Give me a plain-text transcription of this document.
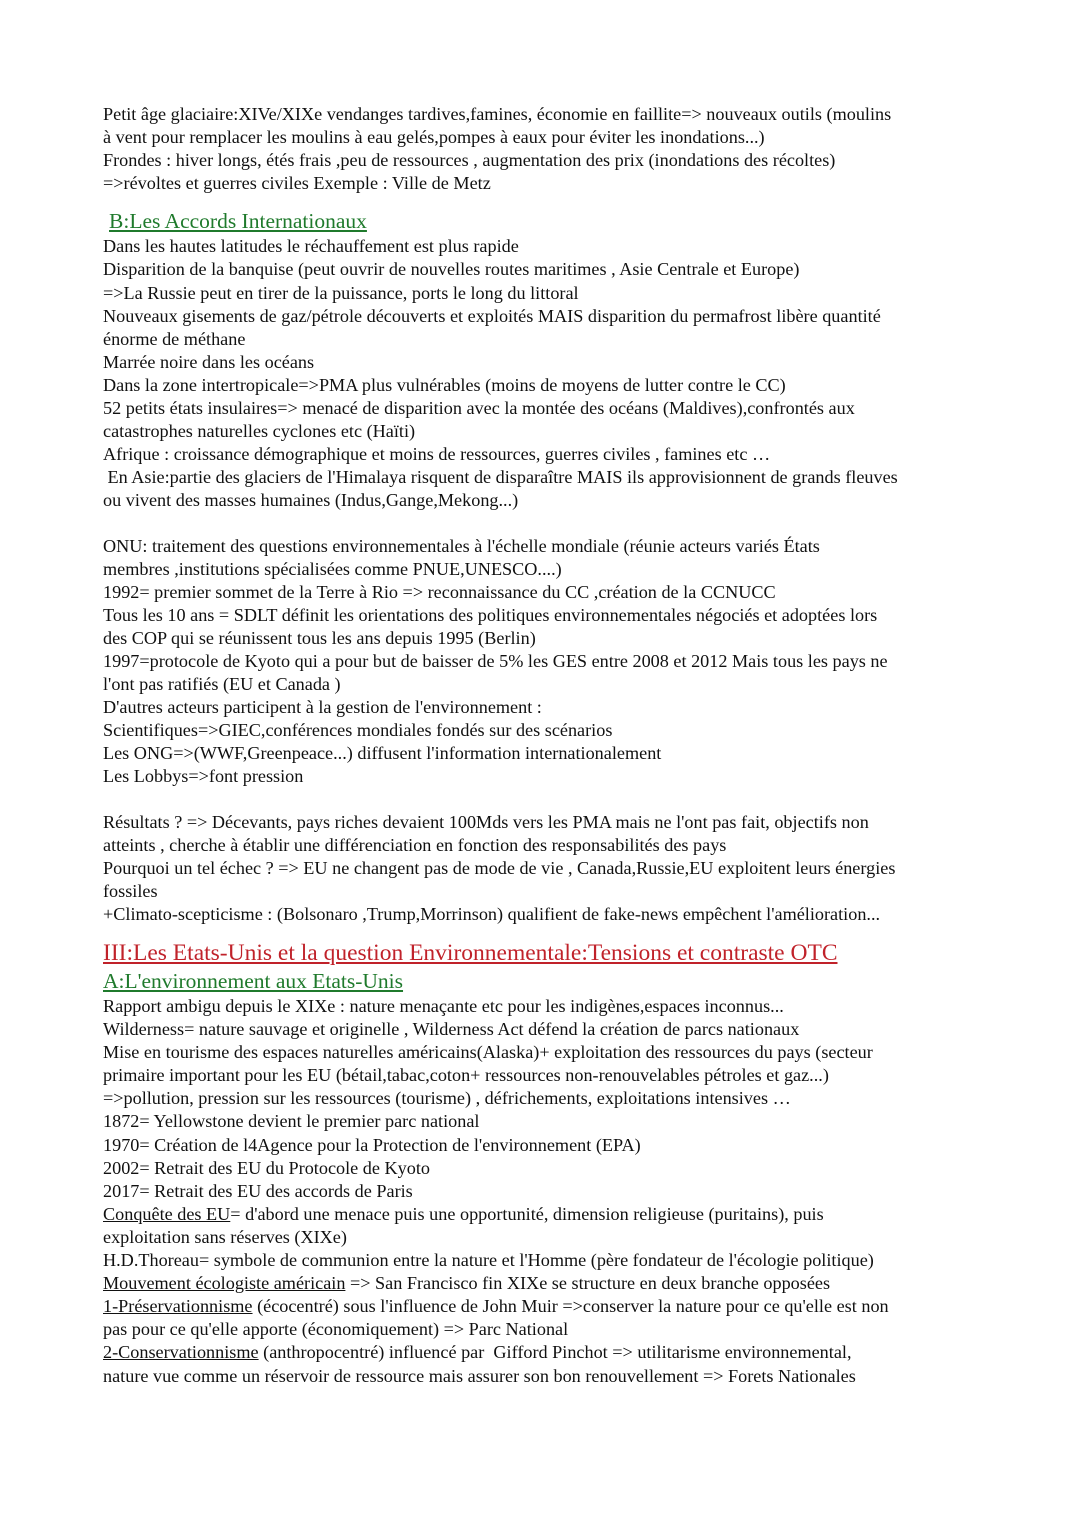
Petit âge glaciaire:XIVe/XIXe vendanges tardives,famines, économie en faillite=> nouveaux outils (moulins
à vent pour remplacer les moulins à eau gelés,pompes à eaux pour éviter les inondations...)
Frondes : hiver longs, étés frais ,peu de ressources , augmentation des prix (inondations des récoltes)
=>révoltes et guerres civiles Exemple : Ville de Metz
B:Les Accords Internationaux
Dans les hautes latitudes le réchauffement est plus rapide
Disparition de la banquise (peut ouvrir de nouvelles routes maritimes , Asie Centrale et Europe)
=>La Russie peut en tirer de la puissance, ports le long du littoral
Nouveaux gisements de gaz/pétrole découverts et exploités MAIS disparition du permafrost libère quantité
énorme de méthane
Marrée noire dans les océans
Dans la zone intertropicale=>PMA plus vulnérables (moins de moyens de lutter contre le CC)
52 petits états insulaires=> menacé de disparition avec la montée des océans (Maldives),confrontés aux
catastrophes naturelles cyclones etc (Haïti)
Afrique : croissance démographique et moins de ressources, guerres civiles , famines etc …
En Asie:partie des glaciers de l'Himalaya risquent de disparaître MAIS ils approvisionnent de grands fleuves
ou vivent des masses humaines (Indus,Gange,Mekong...)
ONU: traitement des questions environnementales à l'échelle mondiale (réunie acteurs variés États
membres ,institutions spécialisées comme PNUE,UNESCO....)
1992= premier sommet de la Terre à Rio => reconnaissance du CC ,création de la CCNUCC
Tous les 10 ans = SDLT définit les orientations des politiques environnementales négociés et adoptées lors
des COP qui se réunissent tous les ans depuis 1995 (Berlin)
1997=protocole de Kyoto qui a pour but de baisser de 5% les GES entre 2008 et 2012 Mais tous les pays ne
l'ont pas ratifiés (EU et Canada )
D'autres acteurs participent à la gestion de l'environnement :
Scientifiques=>GIEC,conférences mondiales fondés sur des scénarios
Les ONG=>(WWF,Greenpeace...) diffusent l'information internationalement
Les Lobbys=>font pression
Résultats ? => Décevants, pays riches devaient 100Mds vers les PMA mais ne l'ont pas fait, objectifs non
atteints , cherche à établir une différenciation en fonction des responsabilités des pays
Pourquoi un tel échec ? => EU ne changent pas de mode de vie , Canada,Russie,EU exploitent leurs énergies
fossiles
+Climato-scepticisme : (Bolsonaro ,Trump,Morrinson) qualifient de fake-news empêchent l'amélioration...
III:Les Etats-Unis et la question Environnementale:Tensions et contraste OTC
A:L'environnement aux Etats-Unis
Rapport ambigu depuis le XIXe : nature menaçante etc pour les indigènes,espaces inconnus...
Wilderness= nature sauvage et originelle , Wilderness Act défend la création de parcs nationaux
Mise en tourisme des espaces naturelles américains(Alaska)+ exploitation des ressources du pays (secteur
primaire important pour les EU (bétail,tabac,coton+ ressources non-renouvelables pétroles et gaz...)
=>pollution, pression sur les ressources (tourisme) , défrichements, exploitations intensives …
1872= Yellowstone devient le premier parc national
1970= Création de l4Agence pour la Protection de l'environnement (EPA)
2002= Retrait des EU du Protocole de Kyoto
2017= Retrait des EU des accords de Paris
Conquête des EU= d'abord une menace puis une opportunité, dimension religieuse (puritains), puis
exploitation sans réserves (XIXe)
H.D.Thoreau= symbole de communion entre la nature et l'Homme (père fondateur de l'écologie politique)
Mouvement écologiste américain => San Francisco fin XIXe se structure en deux branche opposées
1-Préservationnisme (écocentré) sous l'influence de John Muir =>conserver la nature pour ce qu'elle est non
pas pour ce qu'elle apporte (économiquement) => Parc National
2-Conservationnisme (anthropocentré) influencé par  Gifford Pinchot => utilitarisme environnemental,
nature vue comme un réservoir de ressource mais assurer son bon renouvellement => Forets Nationales
